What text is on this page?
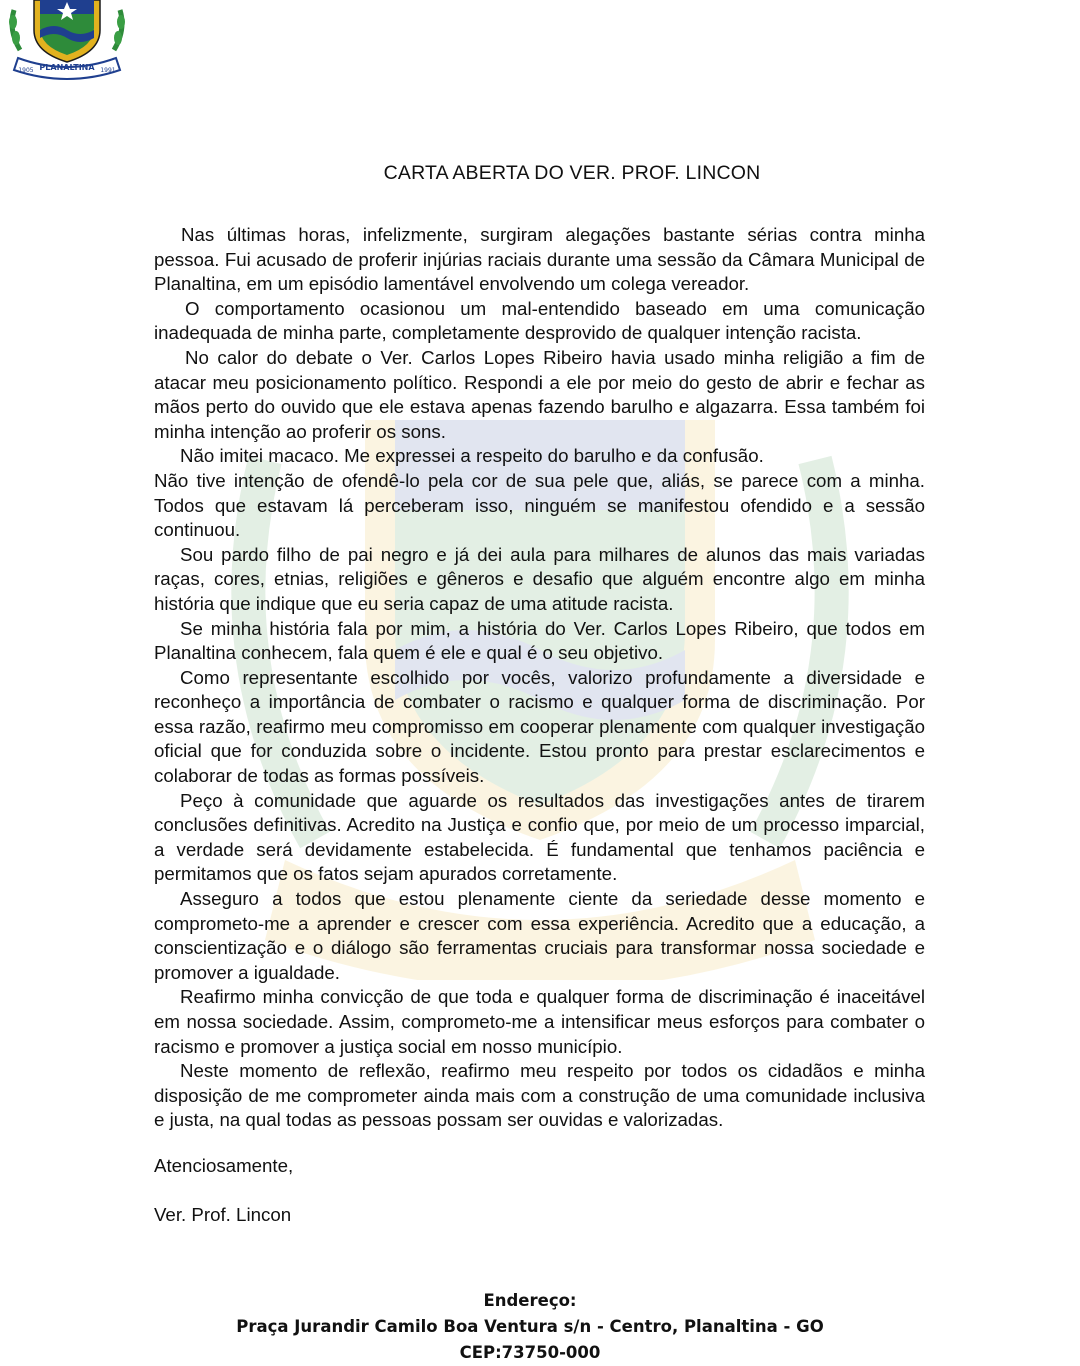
PLANALTINA
1905	1991
CARTA ABERTA DO VER. PROF. LINCON

Nas últimas horas, infelizmente, surgiram alegações bastante sérias contra minha pessoa. Fui acusado de proferir injúrias raciais durante uma sessão da Câmara Municipal de Planaltina, em um episódio lamentável envolvendo um colega vereador.

O comportamento ocasionou um mal-entendido baseado em uma comunicação inadequada de minha parte, completamente desprovido de qualquer intenção racista.

No calor do debate o Ver. Carlos Lopes Ribeiro havia usado minha religião a fim de atacar meu posicionamento político. Respondi a ele por meio do gesto de abrir e fechar as mãos perto do ouvido que ele estava apenas fazendo barulho e algazarra. Essa também foi minha intenção ao proferir os sons.

Não imitei macaco. Me expressei a respeito do barulho e da confusão.

Não tive intenção de ofendê-lo pela cor de sua pele que, aliás, se parece com a minha. Todos que estavam lá perceberam isso, ninguém se manifestou ofendido e a sessão continuou.

Sou pardo filho de pai negro e já dei aula para milhares de alunos das mais variadas raças, cores, etnias, religiões e gêneros e desafio que alguém encontre algo em minha história que indique que eu seria capaz de uma atitude racista.

Se minha história fala por mim, a história do Ver. Carlos Lopes Ribeiro, que todos em Planaltina conhecem, fala quem é ele e qual é o seu objetivo.

Como representante escolhido por vocês, valorizo profundamente a diversidade e reconheço a importância de combater o racismo e qualquer forma de discriminação. Por essa razão, reafirmo meu compromisso em cooperar plenamente com qualquer investigação oficial que for conduzida sobre o incidente. Estou pronto para prestar esclarecimentos e colaborar de todas as formas possíveis.

Peço à comunidade que aguarde os resultados das investigações antes de tirarem conclusões definitivas. Acredito na Justiça e confio que, por meio de um processo imparcial, a verdade será devidamente estabelecida. É fundamental que tenhamos paciência e permitamos que os fatos sejam apurados corretamente.

Asseguro a todos que estou plenamente ciente da seriedade desse momento e comprometo-me a aprender e crescer com essa experiência. Acredito que a educação, a conscientização e o diálogo são ferramentas cruciais para transformar nossa sociedade e promover a igualdade.

Reafirmo minha convicção de que toda e qualquer forma de discriminação é inaceitável em nossa sociedade. Assim, comprometo-me a intensificar meus esforços para combater o racismo e promover a justiça social em nosso município.

Neste momento de reflexão, reafirmo meu respeito por todos os cidadãos e minha disposição de me comprometer ainda mais com a construção de uma comunidade inclusiva e justa, na qual todas as pessoas possam ser ouvidas e valorizadas.

Atenciosamente,
Ver. Prof. Lincon
Endereço:
Praça Jurandir Camilo Boa Ventura s/n - Centro, Planaltina - GO
CEP:73750-000
